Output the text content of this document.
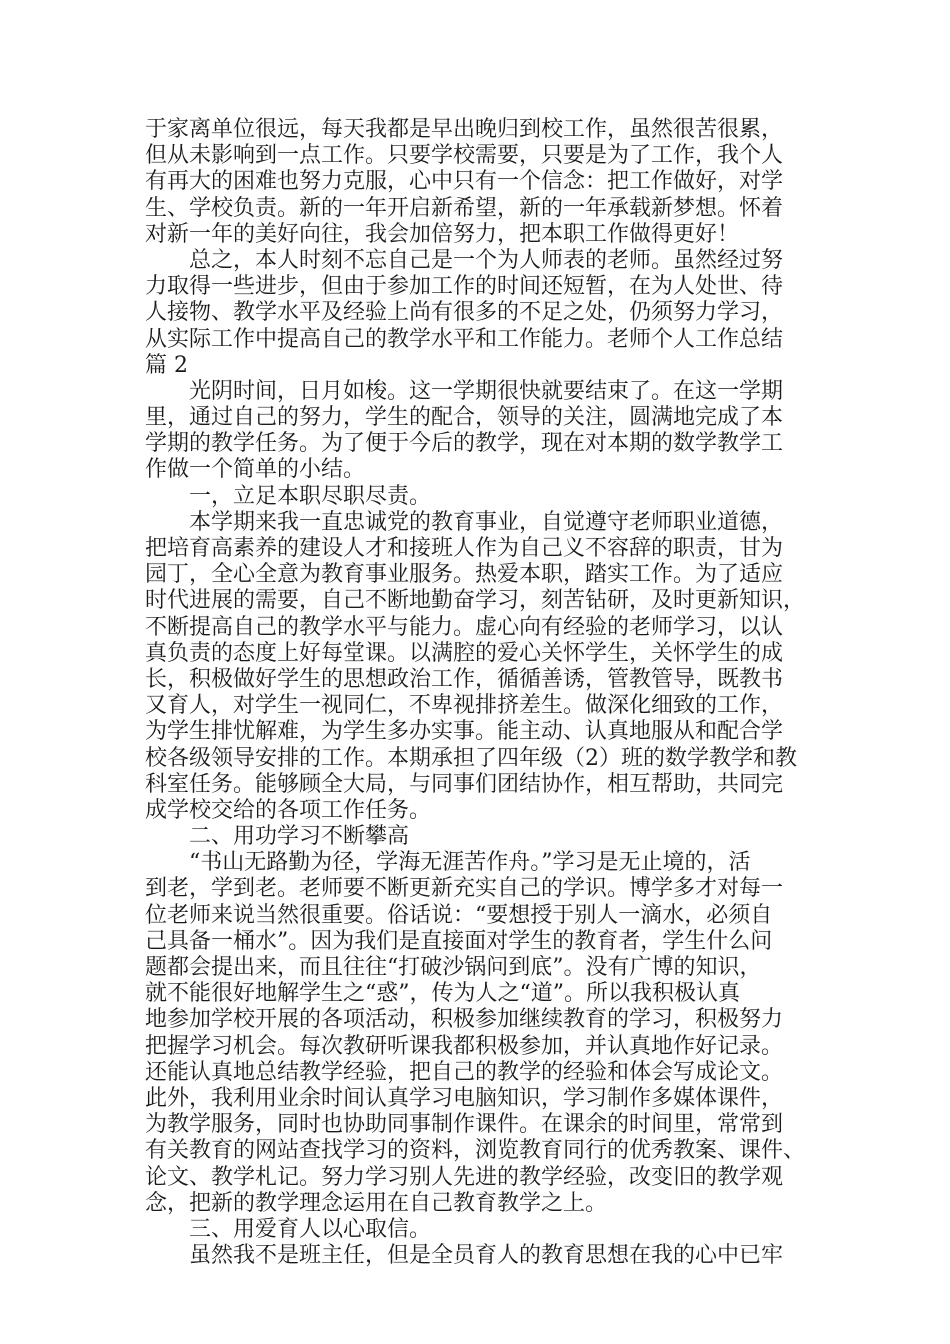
于家离单位很远，每天我都是早出晚归到校工作，虽然很苦很累，
但从未影响到一点工作。只要学校需要，只要是为了工作，我个人
有再大的困难也努力克服，心中只有一个信念：把工作做好，对学
生、学校负责。新的一年开启新希望，新的一年承载新梦想。怀着
对新一年的美好向往，我会加倍努力，把本职工作做得更好！
总之，本人时刻不忘自己是一个为人师表的老师。虽然经过努
力取得一些进步，但由于参加工作的时间还短暂，在为人处世、待
人接物、教学水平及经验上尚有很多的不足之处，仍须努力学习，
从实际工作中提高自己的教学水平和工作能力。老师个人工作总结
篇 2
光阴时间，日月如梭。这一学期很快就要结束了。在这一学期
里，通过自己的努力，学生的配合，领导的关注，圆满地完成了本
学期的教学任务。为了便于今后的教学，现在对本期的数学教学工
作做一个简单的小结。
一，立足本职尽职尽责。
本学期来我一直忠诚党的教育事业，自觉遵守老师职业道德，
把培育高素养的建设人才和接班人作为自己义不容辞的职责，甘为
园丁，全心全意为教育事业服务。热爱本职，踏实工作。为了适应
时代进展的需要，自己不断地勤奋学习，刻苦钻研，及时更新知识，
不断提高自己的教学水平与能力。虚心向有经验的老师学习，以认
真负责的态度上好每堂课。以满腔的爱心关怀学生，关怀学生的成
长，积极做好学生的思想政治工作，循循善诱，管教管导，既教书
又育人，对学生一视同仁，不卑视排挤差生。做深化细致的工作，
为学生排忧解难，为学生多办实事。能主动、认真地服从和配合学
校各级领导安排的工作。本期承担了四年级（2）班的数学教学和教
科室任务。能够顾全大局，与同事们团结协作，相互帮助，共同完
成学校交给的各项工作任务。
二、用功学习不断攀高
“书山无路勤为径，学海无涯苦作舟。”学习是无止境的，活
到老，学到老。老师要不断更新充实自己的学识。博学多才对每一
位老师来说当然很重要。俗话说：“要想授于别人一滴水，必须自
己具备一桶水”。因为我们是直接面对学生的教育者，学生什么问
题都会提出来，而且往往“打破沙锅问到底”。没有广博的知识，
就不能很好地解学生之“惑”，传为人之“道”。所以我积极认真
地参加学校开展的各项活动，积极参加继续教育的学习，积极努力
把握学习机会。每次教研听课我都积极参加，并认真地作好记录。
还能认真地总结教学经验，把自己的教学的经验和体会写成论文。
此外，我利用业余时间认真学习电脑知识，学习制作多媒体课件，
为教学服务，同时也协助同事制作课件。在课余的时间里，常常到
有关教育的网站查找学习的资料，浏览教育同行的优秀教案、课件、
论文、教学札记。努力学习别人先进的教学经验，改变旧的教学观
念，把新的教学理念运用在自己教育教学之上。
三、用爱育人以心取信。
虽然我不是班主任，但是全员育人的教育思想在我的心中已牢
